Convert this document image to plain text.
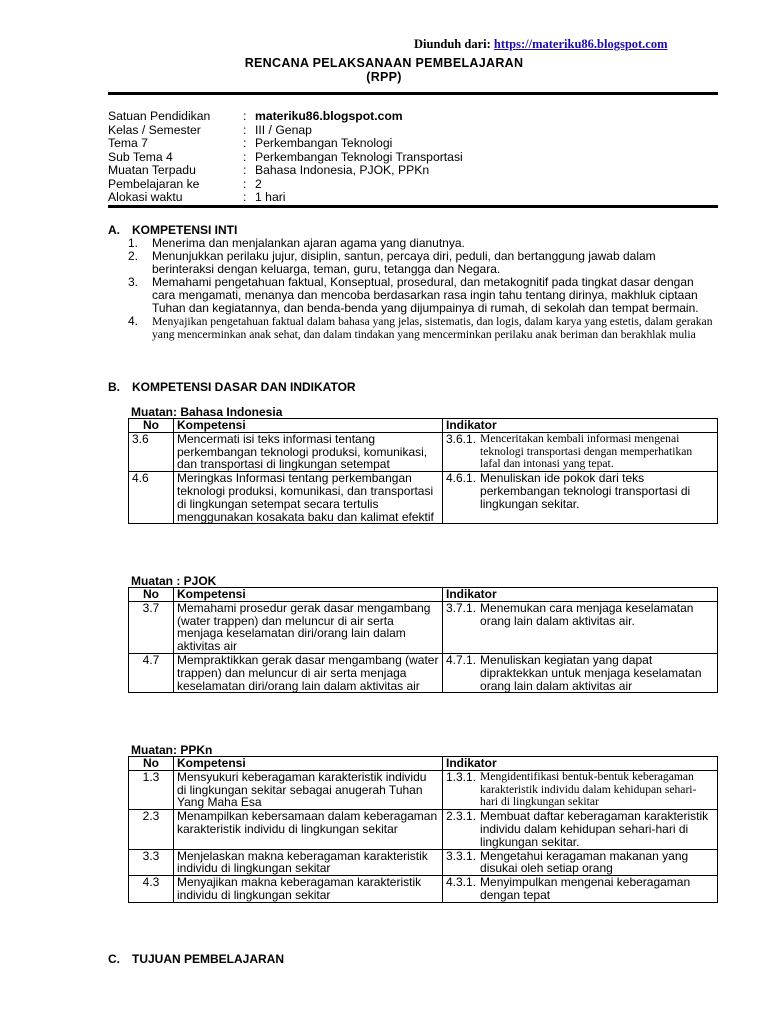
Diunduh dari: https://materiku86.blogspot.com
RENCANA PELAKSANAAN PEMBELAJARAN
(RPP)
Satuan Pendidikan	: materiku86.blogspot.com
Kelas / Semester	: III / Genap
Tema 7	: Perkembangan Teknologi
Sub Tema 4	: Perkembangan Teknologi Transportasi
Muatan Terpadu	: Bahasa Indonesia, PJOK, PPKn
Pembelajaran ke	: 2
Alokasi waktu	: 1 hari
A. KOMPETENSI INTI
1.	Menerima dan menjalankan ajaran agama yang dianutnya.
2.	Menunjukkan perilaku jujur, disiplin, santun, percaya diri, peduli, dan bertanggung jawab dalam berinteraksi dengan keluarga, teman, guru, tetangga dan Negara.
3.	Memahami pengetahuan faktual, Konseptual, prosedural, dan metakognitif pada tingkat dasar dengan cara mengamati, menanya dan mencoba berdasarkan rasa ingin tahu tentang dirinya, makhluk ciptaan Tuhan dan kegiatannya, dan benda-benda yang dijumpainya di rumah, di sekolah dan tempat bermain.
4.	Menyajikan pengetahuan faktual dalam bahasa yang jelas, sistematis, dan logis, dalam karya yang estetis, dalam gerakan yang mencerminkan anak sehat, dan dalam tindakan yang mencerminkan perilaku anak beriman dan berakhlak mulia
B. KOMPETENSI DASAR DAN INDIKATOR
Muatan: Bahasa Indonesia
No	Kompetensi	Indikator
3.6	Mencermati isi teks informasi tentang perkembangan teknologi produksi, komunikasi, dan transportasi di lingkungan setempat	3.6.1. Menceritakan kembali informasi mengenai teknologi transportasi dengan memperhatikan lafal dan intonasi yang tepat.

4.6	Meringkas Informasi tentang perkembangan teknologi produksi, komunikasi, dan transportasi di lingkungan setempat secara tertulis menggunakan kosakata baku dan kalimat efektif	4.6.1. Menuliskan ide pokok dari teks perkembangan teknologi transportasi di lingkungan sekitar.
Muatan : PJOK
No	Kompetensi	Indikator
3.7	Memahami prosedur gerak dasar mengambang (water trappen) dan meluncur di air serta menjaga keselamatan diri/orang lain dalam aktivitas air	3.7.1. Menemukan cara menjaga keselamatan orang lain dalam aktivitas air.

4.7	Mempraktikkan gerak dasar mengambang (water trappen) dan meluncur di air serta menjaga keselamatan diri/orang lain dalam aktivitas air	4.7.1. Menuliskan kegiatan yang dapat dipraktekkan untuk menjaga keselamatan orang lain dalam aktivitas air
Muatan: PPKn
No	Kompetensi	Indikator
1.3	Mensyukuri keberagaman karakteristik individu di lingkungan sekitar sebagai anugerah Tuhan Yang Maha Esa	1.3.1. Mengidentifikasi bentuk-bentuk keberagaman karakteristik individu dalam kehidupan sehari-hari di lingkungan sekitar

2.3	Menampilkan kebersamaan dalam keberagaman karakteristik individu di lingkungan sekitar	2.3.1. Membuat daftar keberagaman karakteristik individu dalam kehidupan sehari-hari di lingkungan sekitar.

3.3	Menjelaskan makna keberagaman karakteristik individu di lingkungan sekitar	3.3.1. Mengetahui keragaman makanan yang disukai oleh setiap orang

4.3	Menyajikan makna keberagaman karakteristik individu di lingkungan sekitar	4.3.1. Menyimpulkan mengenai keberagaman dengan tepat
C. TUJUAN PEMBELAJARAN
